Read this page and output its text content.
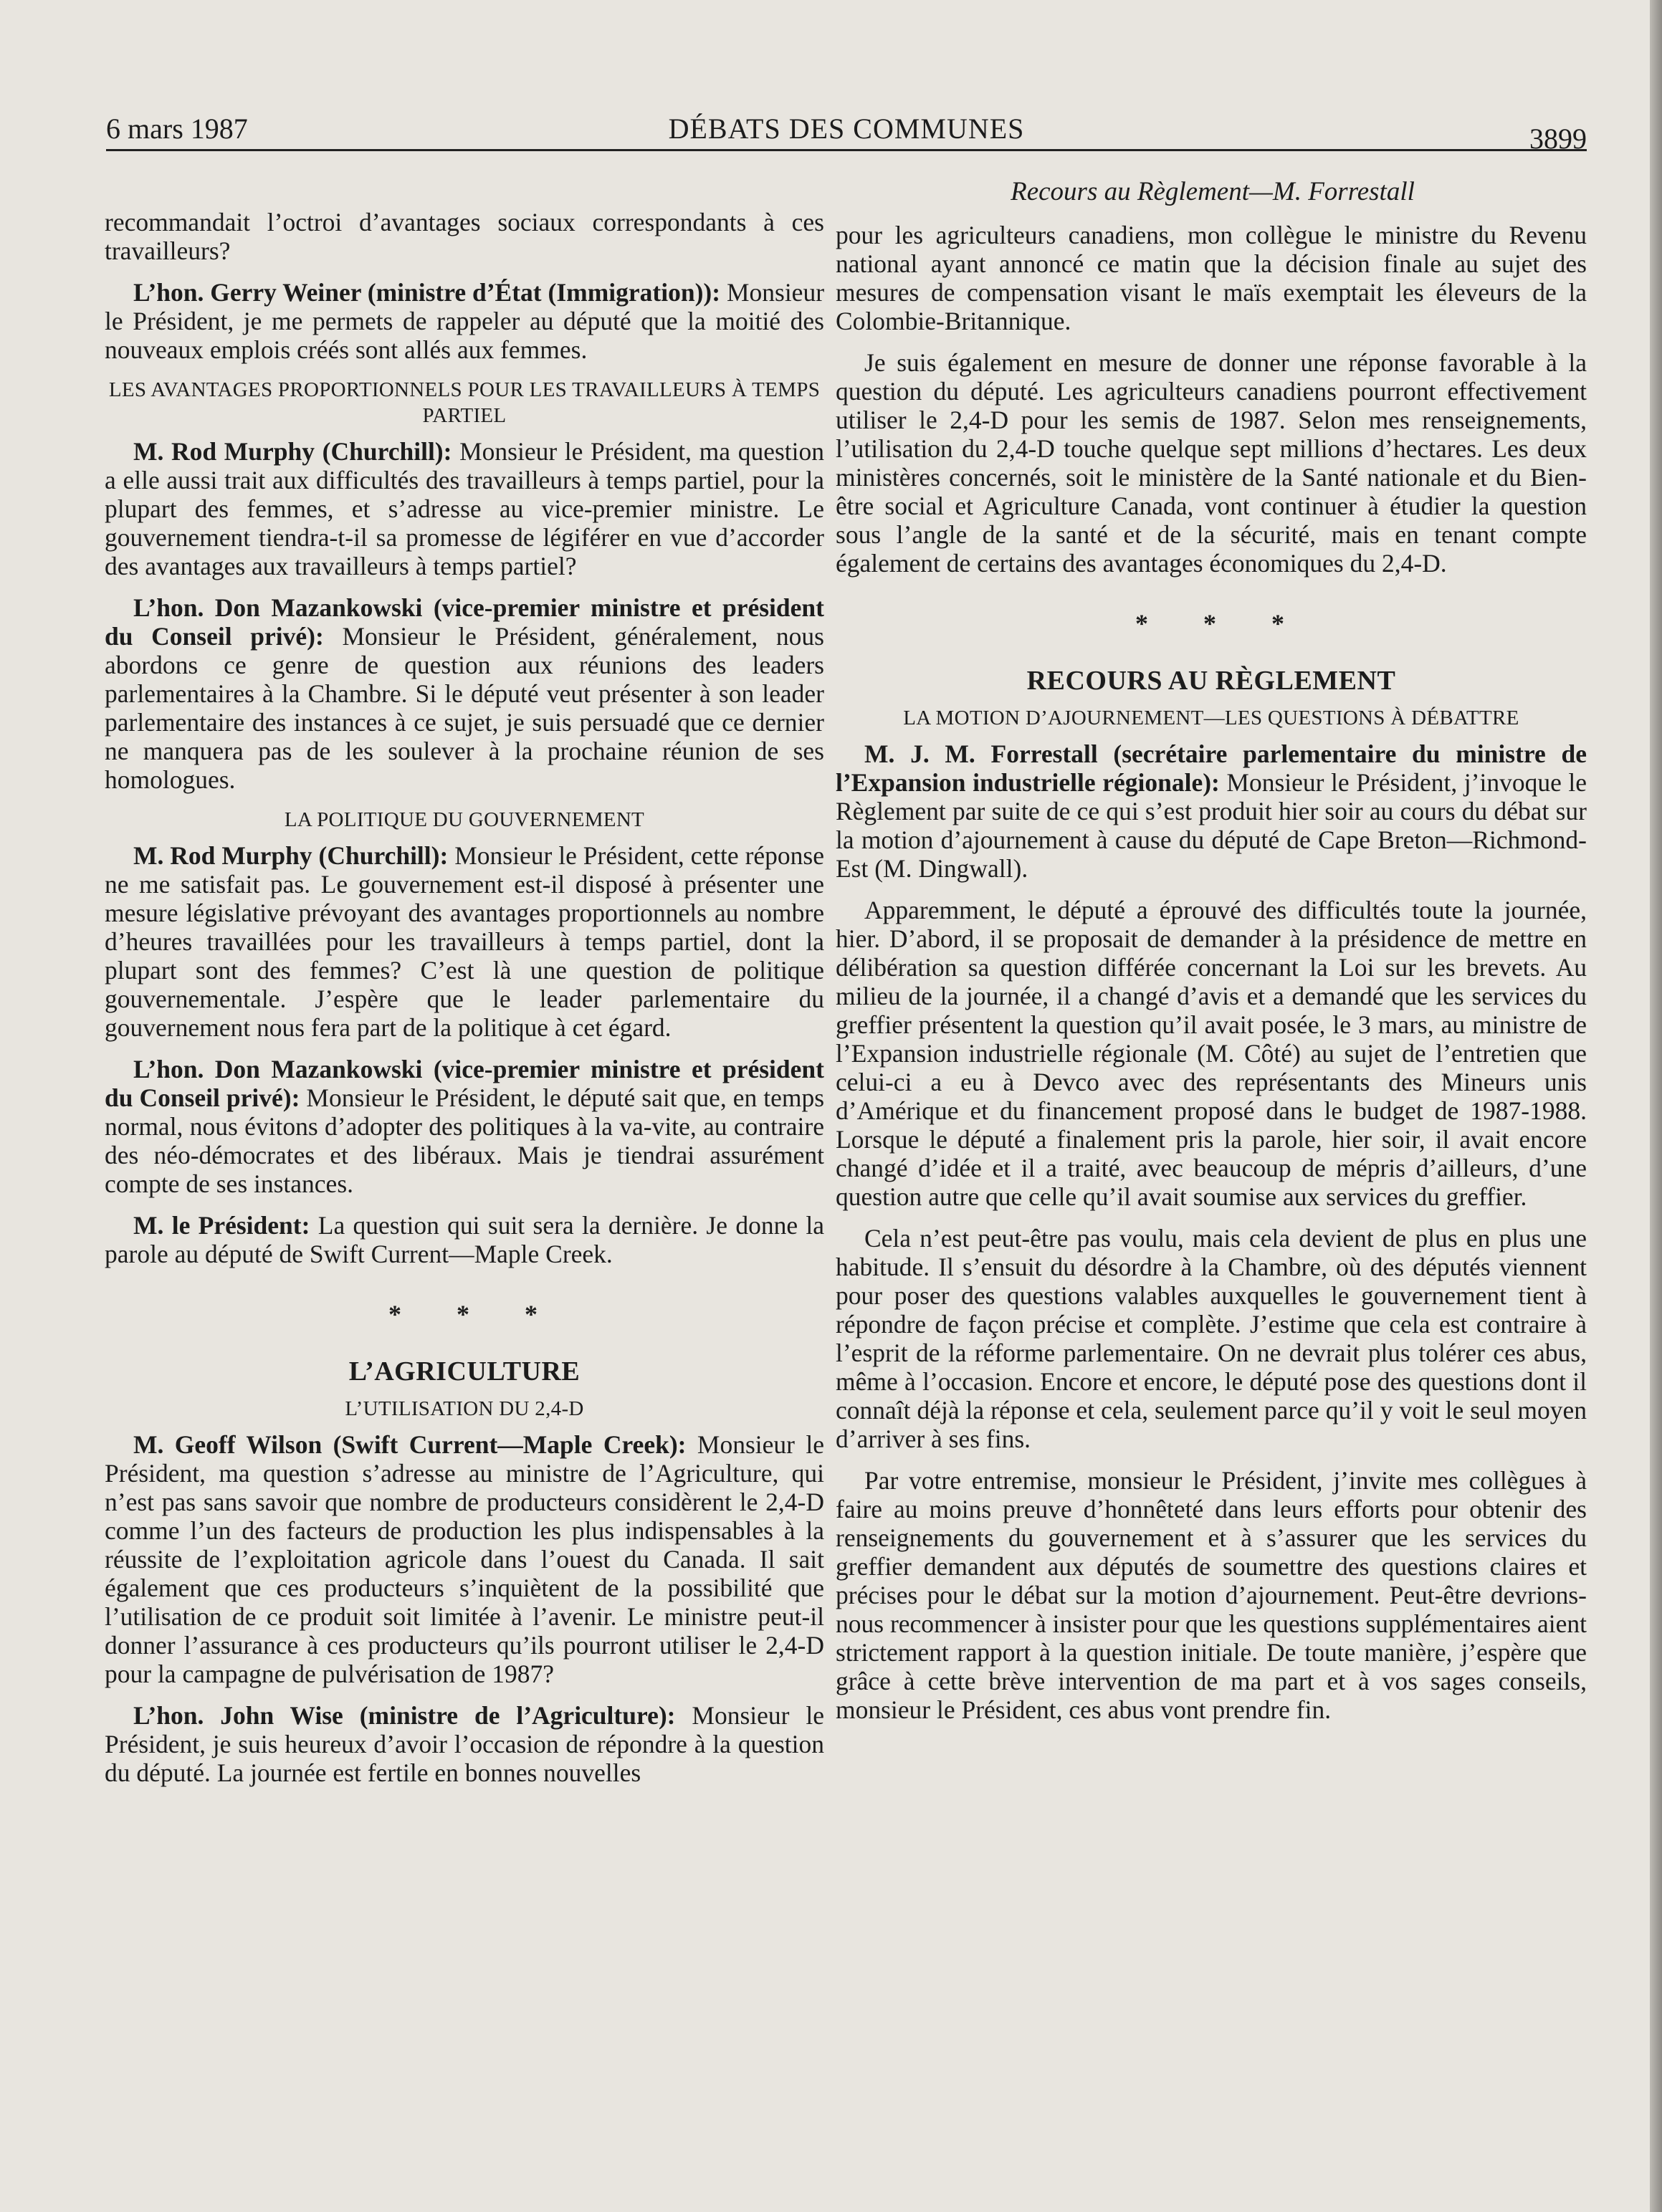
6 mars 1987	DÉBATS DES COMMUNES	3899
Recours au Règlement—M. Forrestall

recommandait l’octroi d’avantages sociaux correspondants à ces travailleurs?

L’hon. Gerry Weiner (ministre d’État (Immigration)): Monsieur le Président, je me permets de rappeler au député que la moitié des nouveaux emplois créés sont allés aux femmes.

LES AVANTAGES PROPORTIONNELS POUR LES TRAVAILLEURS À TEMPS PARTIEL

M. Rod Murphy (Churchill): Monsieur le Président, ma question a elle aussi trait aux difficultés des travailleurs à temps partiel, pour la plupart des femmes, et s’adresse au vice-premier ministre. Le gouvernement tiendra-t-il sa promesse de légiférer en vue d’accorder des avantages aux travailleurs à temps partiel?

L’hon. Don Mazankowski (vice-premier ministre et président du Conseil privé): Monsieur le Président, généralement, nous abordons ce genre de question aux réunions des leaders parlementaires à la Chambre. Si le député veut présenter à son leader parlementaire des instances à ce sujet, je suis persuadé que ce dernier ne manquera pas de les soulever à la prochaine réunion de ses homologues.

LA POLITIQUE DU GOUVERNEMENT

M. Rod Murphy (Churchill): Monsieur le Président, cette réponse ne me satisfait pas. Le gouvernement est-il disposé à présenter une mesure législative prévoyant des avantages proportionnels au nombre d’heures travaillées pour les travailleurs à temps partiel, dont la plupart sont des femmes? C’est là une question de politique gouvernementale. J’espère que le leader parlementaire du gouvernement nous fera part de la politique à cet égard.

L’hon. Don Mazankowski (vice-premier ministre et président du Conseil privé): Monsieur le Président, le député sait que, en temps normal, nous évitons d’adopter des politiques à la va-vite, au contraire des néo-démocrates et des libéraux. Mais je tiendrai assurément compte de ses instances.

M. le Président: La question qui suit sera la dernière. Je donne la parole au député de Swift Current—Maple Creek.

* * *
L’AGRICULTURE
L’UTILISATION DU 2,4-D

M. Geoff Wilson (Swift Current—Maple Creek): Monsieur le Président, ma question s’adresse au ministre de l’Agriculture, qui n’est pas sans savoir que nombre de producteurs considèrent le 2,4-D comme l’un des facteurs de production les plus indispensables à la réussite de l’exploitation agricole dans l’ouest du Canada. Il sait également que ces producteurs s’inquiètent de la possibilité que l’utilisation de ce produit soit limitée à l’avenir. Le ministre peut-il donner l’assurance à ces producteurs qu’ils pourront utiliser le 2,4-D pour la campagne de pulvérisation de 1987?

L’hon. John Wise (ministre de l’Agriculture): Monsieur le Président, je suis heureux d’avoir l’occasion de répondre à la question du député. La journée est fertile en bonnes nouvelles

pour les agriculteurs canadiens, mon collègue le ministre du Revenu national ayant annoncé ce matin que la décision finale au sujet des mesures de compensation visant le maïs exemptait les éleveurs de la Colombie-Britannique.

Je suis également en mesure de donner une réponse favorable à la question du député. Les agriculteurs canadiens pourront effectivement utiliser le 2,4-D pour les semis de 1987. Selon mes renseignements, l’utilisation du 2,4-D touche quelque sept millions d’hectares. Les deux ministères concernés, soit le ministère de la Santé nationale et du Bien-être social et Agriculture Canada, vont continuer à étudier la question sous l’angle de la santé et de la sécurité, mais en tenant compte également de certains des avantages économiques du 2,4-D.

* * *
RECOURS AU RÈGLEMENT
LA MOTION D’AJOURNEMENT—LES QUESTIONS À DÉBATTRE

M. J. M. Forrestall (secrétaire parlementaire du ministre de l’Expansion industrielle régionale): Monsieur le Président, j’invoque le Règlement par suite de ce qui s’est produit hier soir au cours du débat sur la motion d’ajournement à cause du député de Cape Breton—Richmond-Est (M. Dingwall).

Apparemment, le député a éprouvé des difficultés toute la journée, hier. D’abord, il se proposait de demander à la présidence de mettre en délibération sa question différée concernant la Loi sur les brevets. Au milieu de la journée, il a changé d’avis et a demandé que les services du greffier présentent la question qu’il avait posée, le 3 mars, au ministre de l’Expansion industrielle régionale (M. Côté) au sujet de l’entretien que celui-ci a eu à Devco avec des représentants des Mineurs unis d’Amérique et du financement proposé dans le budget de 1987-1988. Lorsque le député a finalement pris la parole, hier soir, il avait encore changé d’idée et il a traité, avec beaucoup de mépris d’ailleurs, d’une question autre que celle qu’il avait soumise aux services du greffier.

Cela n’est peut-être pas voulu, mais cela devient de plus en plus une habitude. Il s’ensuit du désordre à la Chambre, où des députés viennent pour poser des questions valables auxquelles le gouvernement tient à répondre de façon précise et complète. J’estime que cela est contraire à l’esprit de la réforme parlementaire. On ne devrait plus tolérer ces abus, même à l’occasion. Encore et encore, le député pose des questions dont il connaît déjà la réponse et cela, seulement parce qu’il y voit le seul moyen d’arriver à ses fins.

Par votre entremise, monsieur le Président, j’invite mes collègues à faire au moins preuve d’honnêteté dans leurs efforts pour obtenir des renseignements du gouvernement et à s’assurer que les services du greffier demandent aux députés de soumettre des questions claires et précises pour le débat sur la motion d’ajournement. Peut-être devrions-nous recommencer à insister pour que les questions supplémentaires aient strictement rapport à la question initiale. De toute manière, j’espère que grâce à cette brève intervention de ma part et à vos sages conseils, monsieur le Président, ces abus vont prendre fin.
